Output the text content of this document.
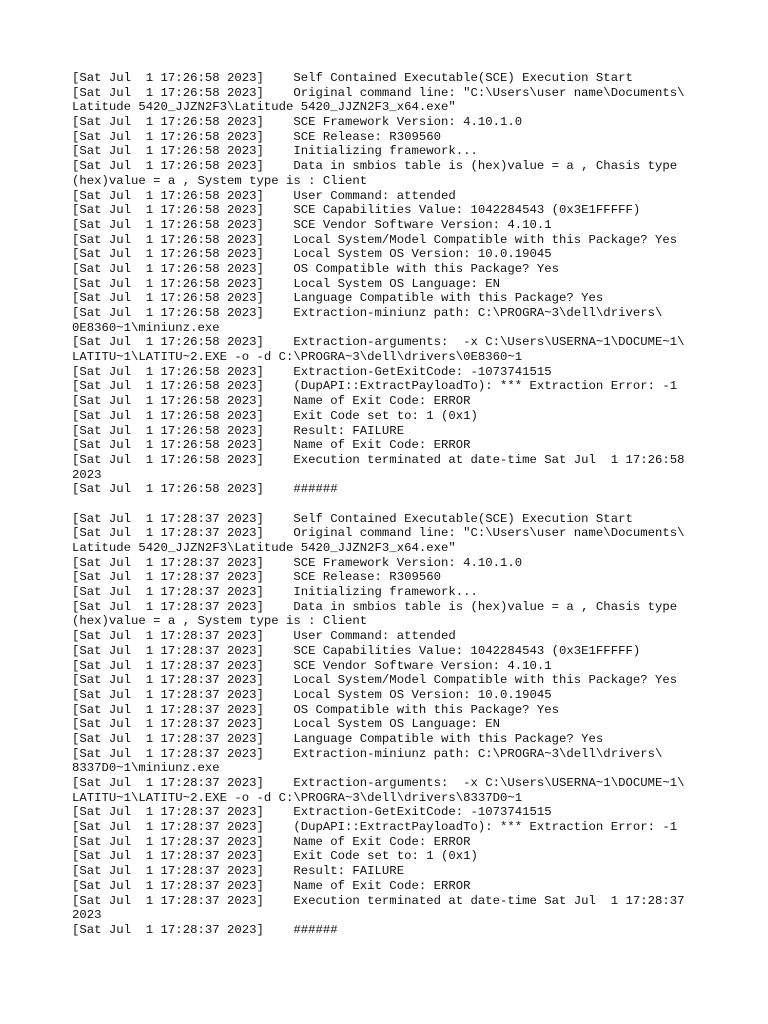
[Sat Jul  1 17:26:58 2023]    Self Contained Executable(SCE) Execution Start
[Sat Jul  1 17:26:58 2023]    Original command line: "C:\Users\user name\Documents\
Latitude 5420_JJZN2F3\Latitude 5420_JJZN2F3_x64.exe"
[Sat Jul  1 17:26:58 2023]    SCE Framework Version: 4.10.1.0
[Sat Jul  1 17:26:58 2023]    SCE Release: R309560
[Sat Jul  1 17:26:58 2023]    Initializing framework...
[Sat Jul  1 17:26:58 2023]    Data in smbios table is (hex)value = a , Chasis type
(hex)value = a , System type is : Client
[Sat Jul  1 17:26:58 2023]    User Command: attended
[Sat Jul  1 17:26:58 2023]    SCE Capabilities Value: 1042284543 (0x3E1FFFFF)
[Sat Jul  1 17:26:58 2023]    SCE Vendor Software Version: 4.10.1
[Sat Jul  1 17:26:58 2023]    Local System/Model Compatible with this Package? Yes
[Sat Jul  1 17:26:58 2023]    Local System OS Version: 10.0.19045
[Sat Jul  1 17:26:58 2023]    OS Compatible with this Package? Yes
[Sat Jul  1 17:26:58 2023]    Local System OS Language: EN
[Sat Jul  1 17:26:58 2023]    Language Compatible with this Package? Yes
[Sat Jul  1 17:26:58 2023]    Extraction-miniunz path: C:\PROGRA~3\dell\drivers\
0E8360~1\miniunz.exe
[Sat Jul  1 17:26:58 2023]    Extraction-arguments:  -x C:\Users\USERNA~1\DOCUME~1\
LATITU~1\LATITU~2.EXE -o -d C:\PROGRA~3\dell\drivers\0E8360~1
[Sat Jul  1 17:26:58 2023]    Extraction-GetExitCode: -1073741515
[Sat Jul  1 17:26:58 2023]    (DupAPI::ExtractPayloadTo): *** Extraction Error: -1
[Sat Jul  1 17:26:58 2023]    Name of Exit Code: ERROR
[Sat Jul  1 17:26:58 2023]    Exit Code set to: 1 (0x1)
[Sat Jul  1 17:26:58 2023]    Result: FAILURE
[Sat Jul  1 17:26:58 2023]    Name of Exit Code: ERROR
[Sat Jul  1 17:26:58 2023]    Execution terminated at date-time Sat Jul  1 17:26:58
2023
[Sat Jul  1 17:26:58 2023]    ######
[Sat Jul  1 17:28:37 2023]    Self Contained Executable(SCE) Execution Start
[Sat Jul  1 17:28:37 2023]    Original command line: "C:\Users\user name\Documents\
Latitude 5420_JJZN2F3\Latitude 5420_JJZN2F3_x64.exe"
[Sat Jul  1 17:28:37 2023]    SCE Framework Version: 4.10.1.0
[Sat Jul  1 17:28:37 2023]    SCE Release: R309560
[Sat Jul  1 17:28:37 2023]    Initializing framework...
[Sat Jul  1 17:28:37 2023]    Data in smbios table is (hex)value = a , Chasis type
(hex)value = a , System type is : Client
[Sat Jul  1 17:28:37 2023]    User Command: attended
[Sat Jul  1 17:28:37 2023]    SCE Capabilities Value: 1042284543 (0x3E1FFFFF)
[Sat Jul  1 17:28:37 2023]    SCE Vendor Software Version: 4.10.1
[Sat Jul  1 17:28:37 2023]    Local System/Model Compatible with this Package? Yes
[Sat Jul  1 17:28:37 2023]    Local System OS Version: 10.0.19045
[Sat Jul  1 17:28:37 2023]    OS Compatible with this Package? Yes
[Sat Jul  1 17:28:37 2023]    Local System OS Language: EN
[Sat Jul  1 17:28:37 2023]    Language Compatible with this Package? Yes
[Sat Jul  1 17:28:37 2023]    Extraction-miniunz path: C:\PROGRA~3\dell\drivers\
8337D0~1\miniunz.exe
[Sat Jul  1 17:28:37 2023]    Extraction-arguments:  -x C:\Users\USERNA~1\DOCUME~1\
LATITU~1\LATITU~2.EXE -o -d C:\PROGRA~3\dell\drivers\8337D0~1
[Sat Jul  1 17:28:37 2023]    Extraction-GetExitCode: -1073741515
[Sat Jul  1 17:28:37 2023]    (DupAPI::ExtractPayloadTo): *** Extraction Error: -1
[Sat Jul  1 17:28:37 2023]    Name of Exit Code: ERROR
[Sat Jul  1 17:28:37 2023]    Exit Code set to: 1 (0x1)
[Sat Jul  1 17:28:37 2023]    Result: FAILURE
[Sat Jul  1 17:28:37 2023]    Name of Exit Code: ERROR
[Sat Jul  1 17:28:37 2023]    Execution terminated at date-time Sat Jul  1 17:28:37
2023
[Sat Jul  1 17:28:37 2023]    ######
